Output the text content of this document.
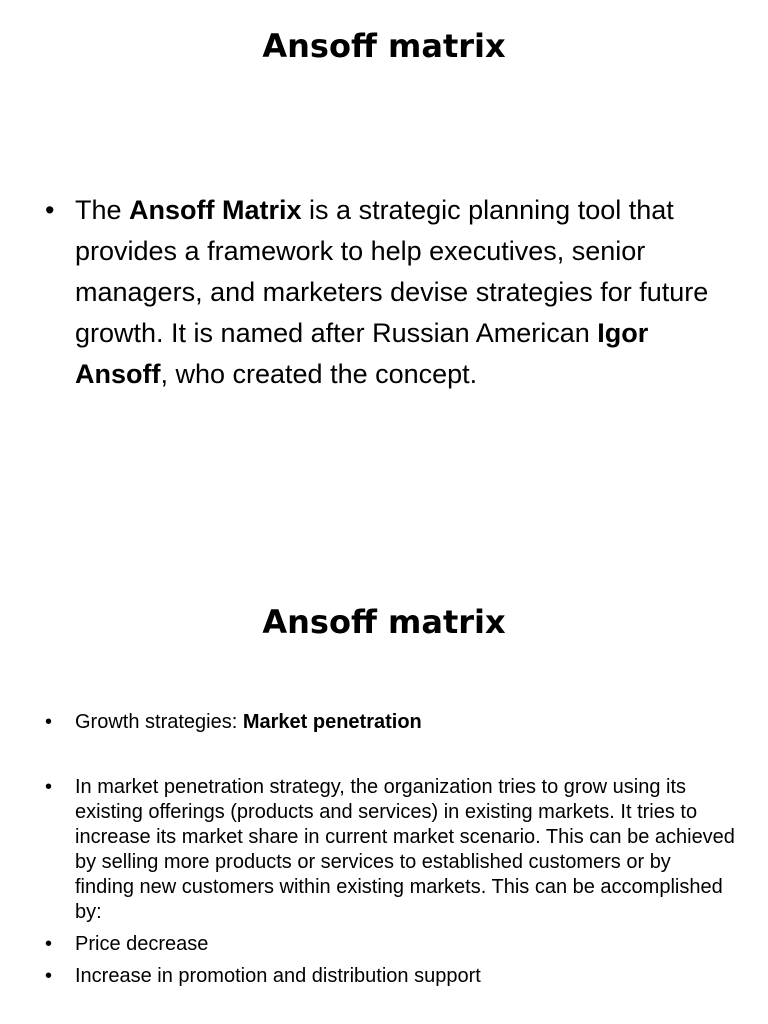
Ansoff matrix
• The Ansoff Matrix is a strategic planning tool that provides a framework to help executives, senior managers, and marketers devise strategies for future growth. It is named after Russian American Igor Ansoff, who created the concept.
Ansoff matrix
• Growth strategies: Market penetration
• In market penetration strategy, the organization tries to grow using its existing offerings (products and services) in existing markets. It tries to increase its market share in current market scenario. This can be achieved by selling more products or services to established customers or by finding new customers within existing markets. This can be accomplished by:
• Price decrease
• Increase in promotion and distribution support
